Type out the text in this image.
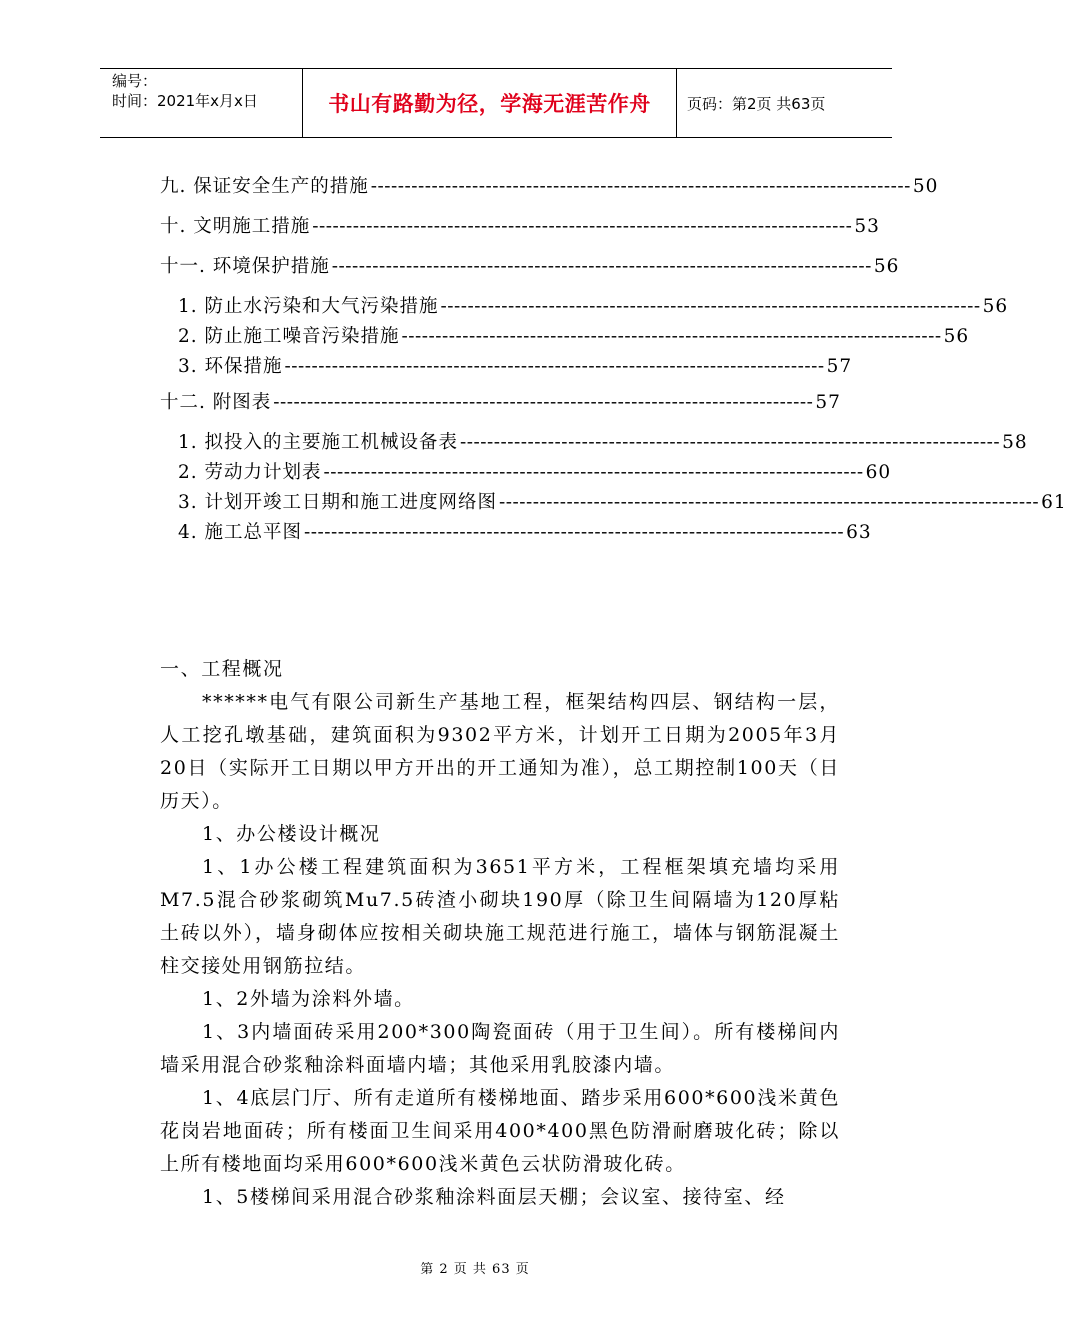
编号：
时间：2021年x月x日	书山有路勤为径，学海无涯苦作舟	页码：第2页 共63页
九. 保证安全生产的措施 -------------------------------------------------------------------------------- 50
十. 文明施工措施 -------------------------------------------------------------------------------- 53
十一. 环境保护措施 -------------------------------------------------------------------------------- 56
1. 防止水污染和大气污染措施 -------------------------------------------------------------------------------- 56
2. 防止施工噪音污染措施 -------------------------------------------------------------------------------- 56
3. 环保措施 -------------------------------------------------------------------------------- 57
十二. 附图表 -------------------------------------------------------------------------------- 57
1. 拟投入的主要施工机械设备表 -------------------------------------------------------------------------------- 58
2. 劳动力计划表 -------------------------------------------------------------------------------- 60
3. 计划开竣工日期和施工进度网络图 -------------------------------------------------------------------------------- 61
4. 施工总平图 -------------------------------------------------------------------------------- 63

一、工程概况

******电气有限公司新生产基地工程，框架结构四层、钢结构一层，人工挖孔墩基础，建筑面积为9302平方米，计划开工日期为2005年3月20日（实际开工日期以甲方开出的开工通知为准），总工期控制100天（日历天）。

1、办公楼设计概况

1、1办公楼工程建筑面积为3651平方米，工程框架填充墙均采用M7.5混合砂浆砌筑Mu7.5砖渣小砌块190厚（除卫生间隔墙为120厚粘土砖以外），墙身砌体应按相关砌块施工规范进行施工，墙体与钢筋混凝土柱交接处用钢筋拉结。

1、2外墙为涂料外墙。

1、3内墙面砖采用200*300陶瓷面砖（用于卫生间）。所有楼梯间内墙采用混合砂浆釉涂料面墙内墙；其他采用乳胶漆内墙。

1、4底层门厅、所有走道所有楼梯地面、踏步采用600*600浅米黄色花岗岩地面砖；所有楼面卫生间采用400*400黑色防滑耐磨玻化砖；除以上所有楼地面均采用600*600浅米黄色云状防滑玻化砖。

1、5楼梯间采用混合砂浆釉涂料面层天棚；会议室、接待室、经

第 2 页 共 63 页
